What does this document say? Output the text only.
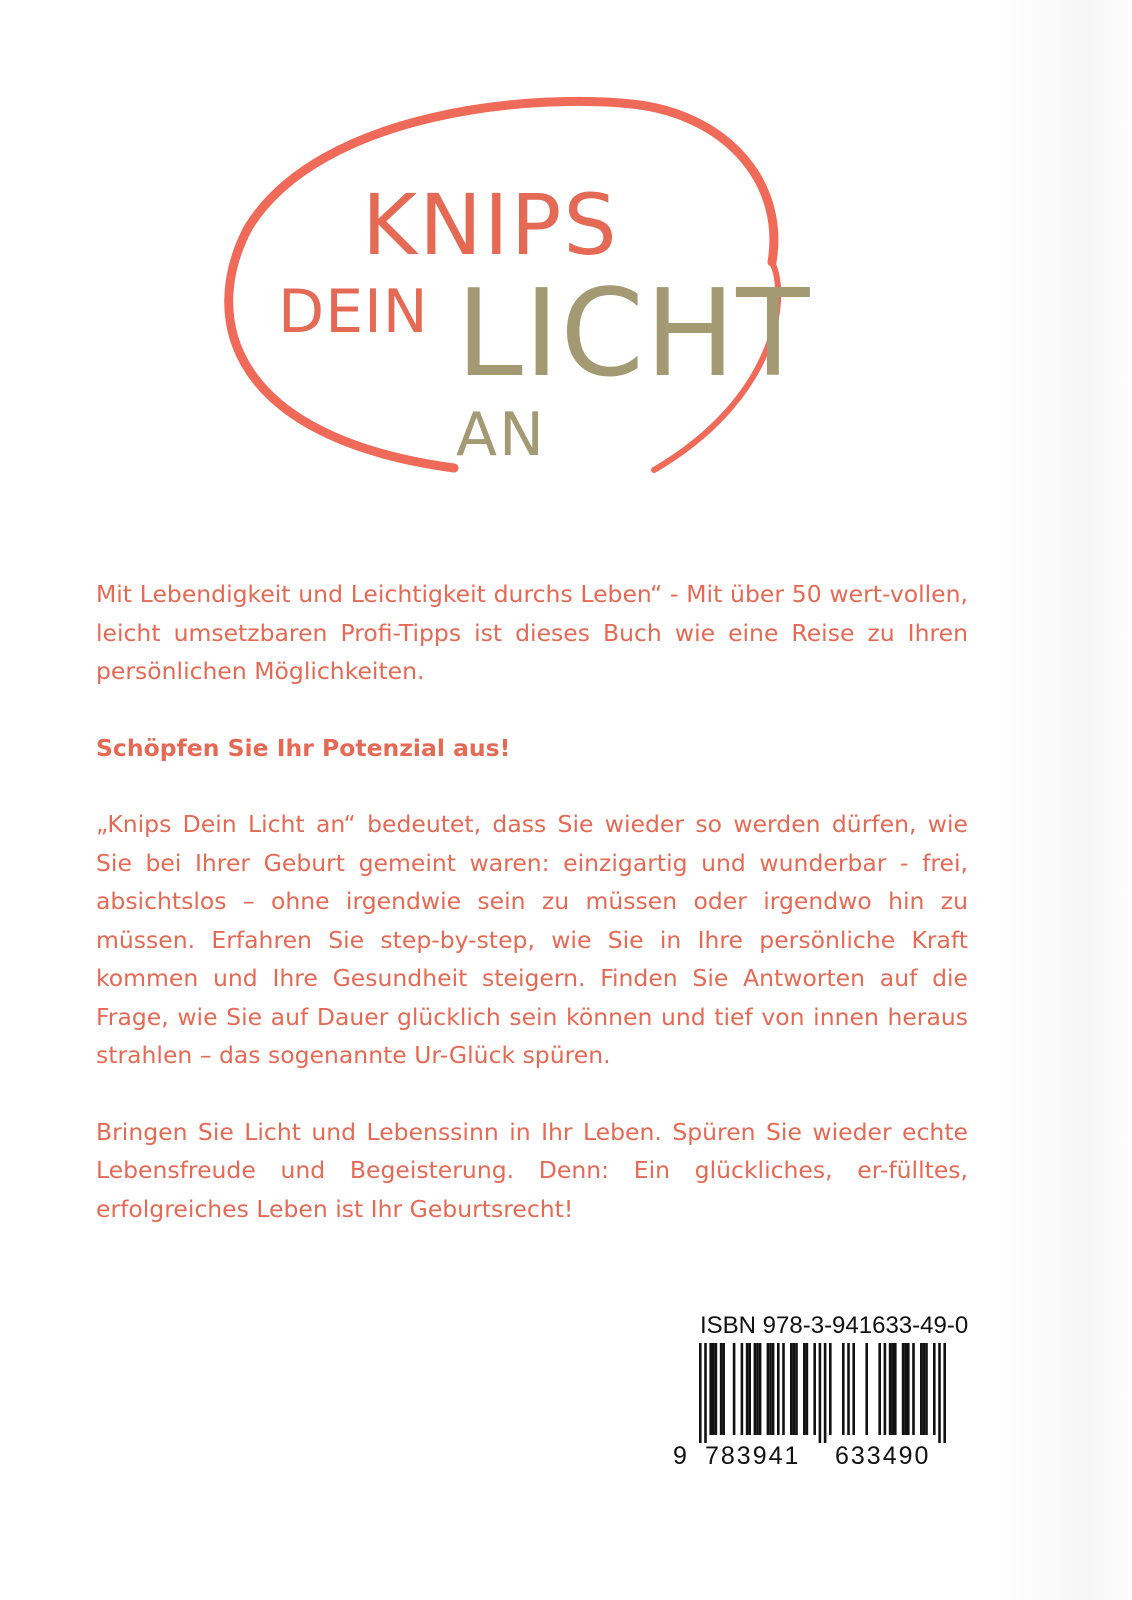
KNIPS
DEIN LICHT
AN

Mit Lebendigkeit und Leichtigkeit durchs Leben“ - Mit über 50 wert-vollen, leicht umsetzbaren Profi-Tipps ist dieses Buch wie eine Reise zu Ihren persönlichen Möglichkeiten.

Schöpfen Sie Ihr Potenzial aus!

„Knips Dein Licht an“ bedeutet, dass Sie wieder so werden dürfen, wie Sie bei Ihrer Geburt gemeint waren: einzigartig und wunderbar - frei, absichtslos – ohne irgendwie sein zu müssen oder irgendwo hin zu müssen. Erfahren Sie step-by-step, wie Sie in Ihre persönliche Kraft kommen und Ihre Gesundheit steigern. Finden Sie Antworten auf die Frage, wie Sie auf Dauer glücklich sein können und tief von innen heraus strahlen – das sogenannte Ur-Glück spüren.

Bringen Sie Licht und Lebenssinn in Ihr Leben. Spüren Sie wieder echte Lebensfreude und Begeisterung. Denn: Ein glückliches, er-fülltes, erfolgreiches Leben ist Ihr Geburtsrecht!

ISBN 978-3-941633-49-0
9 783941 633490
